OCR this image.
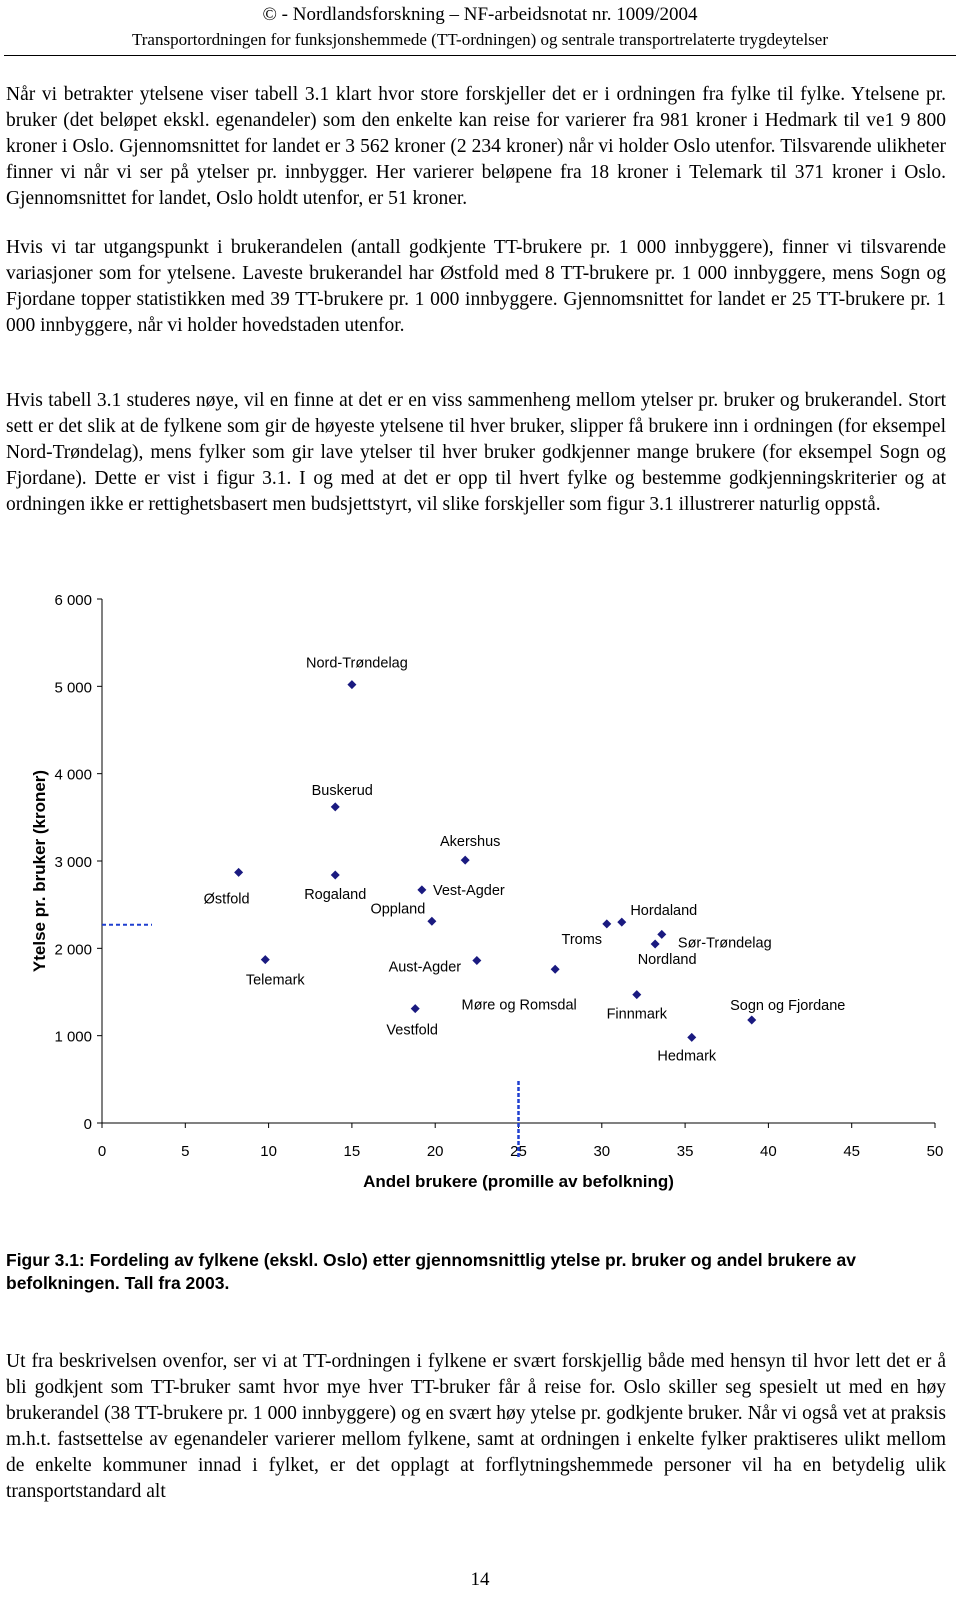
© - Nordlandsforskning – NF-arbeidsnotat nr. 1009/2004
Transportordningen for funksjonshemmede (TT-ordningen) og sentrale transportrelaterte trygdeytelser

Når vi betrakter ytelsene viser tabell 3.1 klart hvor store forskjeller det er i ordningen fra fylke til fylke. Ytelsene pr. bruker (det beløpet ekskl. egenandeler) som den enkelte kan reise for varierer fra 981 kroner i Hedmark til ve1 9 800 kroner i Oslo. Gjennomsnittet for landet er 3 562 kroner (2 234 kroner) når vi holder Oslo utenfor. Tilsvarende ulikheter finner vi når vi ser på ytelser pr. innbygger. Her varierer beløpene fra 18 kroner i Telemark til 371 kroner i Oslo. Gjennomsnittet for landet, Oslo holdt utenfor, er 51 kroner.

Hvis vi tar utgangspunkt i brukerandelen (antall godkjente TT-brukere pr. 1 000 innbyggere), finner vi tilsvarende variasjoner som for ytelsene. Laveste brukerandel har Østfold med 8 TT-brukere pr. 1 000 innbyggere, mens Sogn og Fjordane topper statistikken med 39 TT-brukere pr. 1 000 innbyggere. Gjennomsnittet for landet er 25 TT-brukere pr. 1 000 innbyggere, når vi holder hovedstaden utenfor.

Hvis tabell 3.1 studeres nøye, vil en finne at det er en viss sammenheng mellom ytelser pr. bruker og brukerandel. Stort sett er det slik at de fylkene som gir de høyeste ytelsene til hver bruker, slipper få brukere inn i ordningen (for eksempel Nord-Trøndelag), mens fylker som gir lave ytelser til hver bruker godkjenner mange brukere (for eksempel Sogn og Fjordane). Dette er vist i figur 3.1. I og med at det er opp til hvert fylke og bestemme godkjenningskriterier og at ordningen ikke er rettighetsbasert men budsjettstyrt, vil slike forskjeller som figur 3.1 illustrerer naturlig oppstå.

0
1 000
2 000
3 000
4 000
5 000
6 000
0	5	10	15	20	25	30	35	40	45	50
Nord-Trøndelag
Buskerud
Akershus
Østfold	Rogaland	Vest-Agder
Oppland	Hordaland
Troms	Sør-Trøndelag
Nordland
Telemark
Aust-Agder
Møre og Romsdal
Finnmark
Vestfold
Sogn og Fjordane
Hedmark
Ytelse pr. bruker (kroner)
Andel brukere (promille av befolkning)
Figur 3.1: Fordeling av fylkene (ekskl. Oslo) etter gjennomsnittlig ytelse pr. bruker og andel brukere av befolkningen. Tall fra 2003.

Ut fra beskrivelsen ovenfor, ser vi at TT-ordningen i fylkene er svært forskjellig både med hensyn til hvor lett det er å bli godkjent som TT-bruker samt hvor mye hver TT-bruker får å reise for. Oslo skiller seg spesielt ut med en høy brukerandel (38 TT-brukere pr. 1 000 innbyggere) og en svært høy ytelse pr. godkjente bruker. Når vi også vet at praksis m.h.t. fastsettelse av egenandeler varierer mellom fylkene, samt at ordningen i enkelte fylker praktiseres ulikt mellom de enkelte kommuner innad i fylket, er det opplagt at forflytningshemmede personer vil ha en betydelig ulik transportstandard alt

14
